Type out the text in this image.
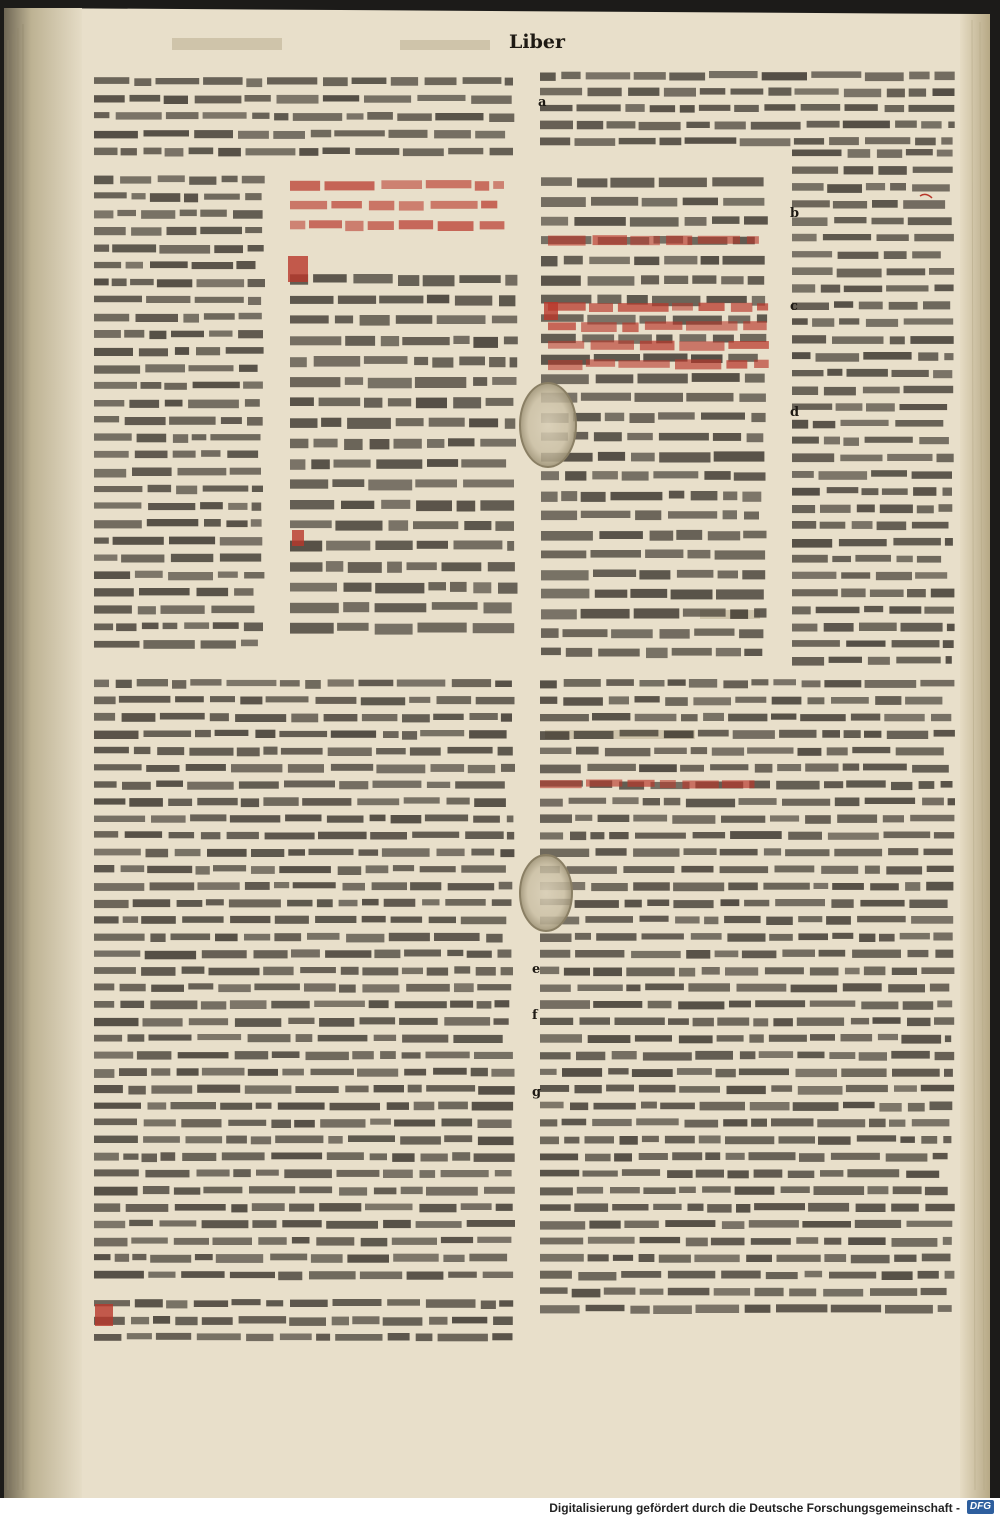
Liber
a
b
c
d
e
f
g
Digitalisierung gefördert durch die Deutsche Forschungsgemeinschaft - DFG
